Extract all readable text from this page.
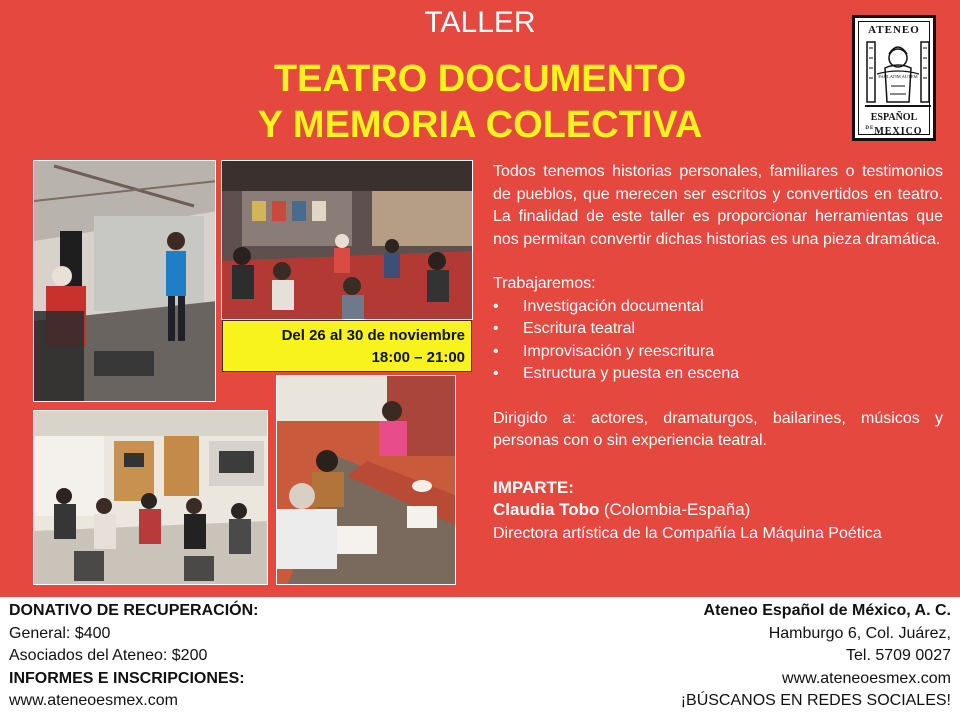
TALLER
TEATRO DOCUMENTO
Y MEMORIA COLECTIVA
ATENEO
PAULATIM AUTEM
ESPAÑOL
$^{DE}$MEXICO
Del 26 al 30 de noviembre
18:00 – 21:00

Todos tenemos historias personales, familiares o testimonios de pueblos, que merecen ser escritos y convertidos en teatro. La finalidad de este taller es proporcionar herramientas que nos permitan convertir dichas historias es una pieza dramática.

Trabajaremos:

• Investigación documental
• Escritura teatral
• Improvisación y reescritura
• Estructura y puesta en escena

Dirigido a: actores, dramaturgos, bailarines, músicos y personas con o sin experiencia teatral.

IMPARTE:

Claudia Tobo (Colombia-España)

Directora artística de la Compañía La Máquina Poética

DONATIVO DE RECUPERACIÓN:
General: $400
Asociados del Ateneo: $200
INFORMES E INSCRIPCIONES:
www.ateneoesmex.com
Ateneo Español de México, A. C.
Hamburgo 6, Col. Juárez,
Tel. 5709 0027
www.ateneoesmex.com
¡BÚSCANOS EN REDES SOCIALES!
